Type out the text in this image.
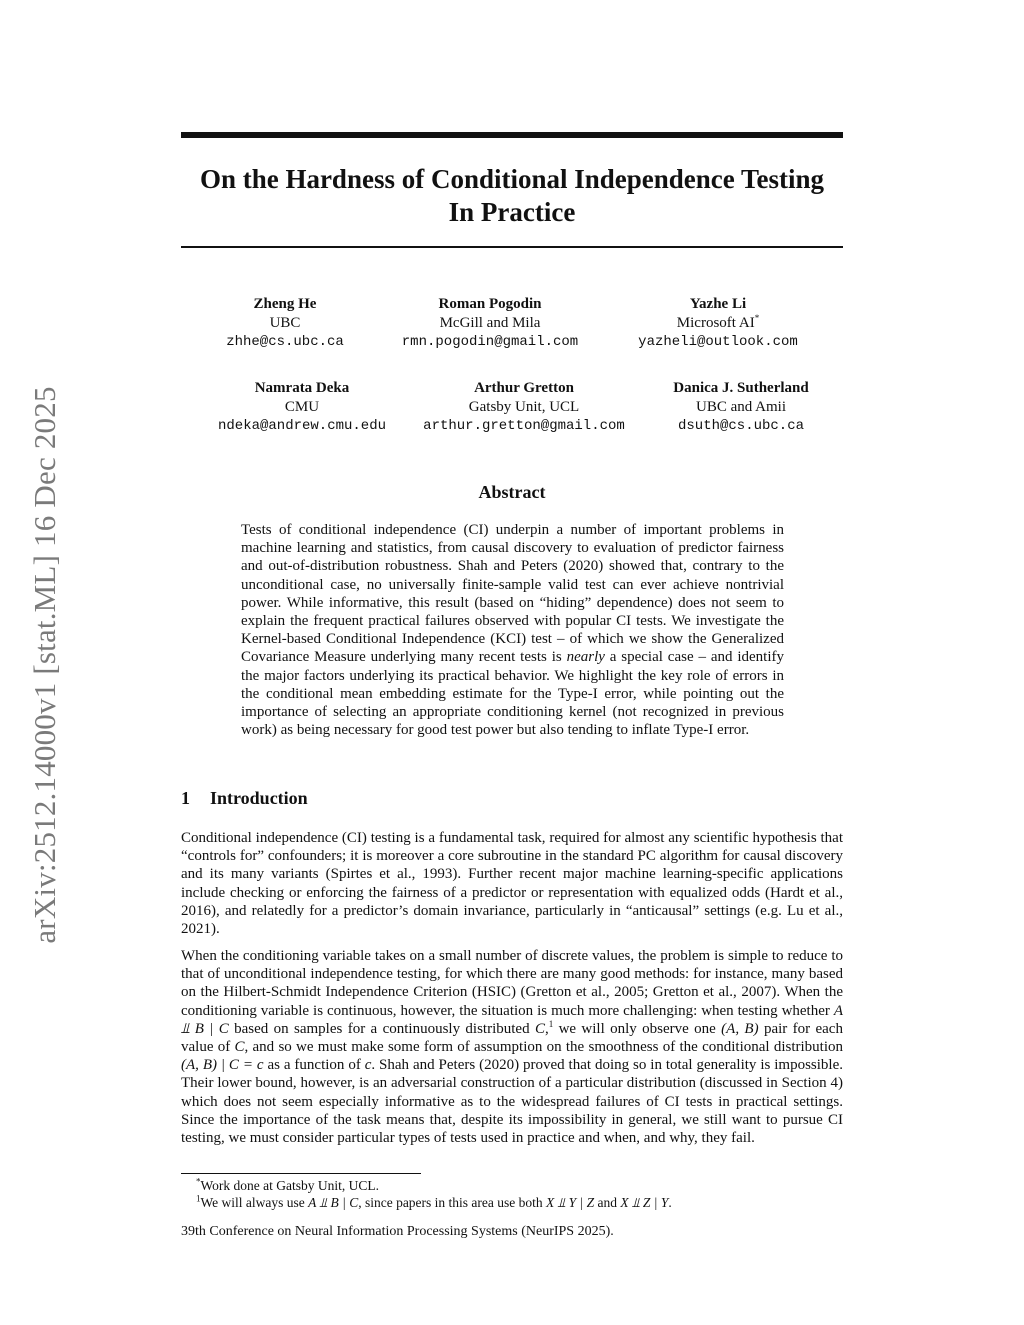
arXiv:2512.14000v1 [stat.ML] 16 Dec 2025
On the Hardness of Conditional Independence Testing
In Practice
Zheng He
UBC
zhhe@cs.ubc.ca
Roman Pogodin
McGill and Mila
rmn.pogodin@gmail.com
Yazhe Li
Microsoft AI*
yazheli@outlook.com
Namrata Deka
CMU
ndeka@andrew.cmu.edu
Arthur Gretton
Gatsby Unit, UCL
arthur.gretton@gmail.com
Danica J. Sutherland
UBC and Amii
dsuth@cs.ubc.ca
Abstract
Tests of conditional independence (CI) underpin a number of important problems in machine learning and statistics, from causal discovery to evaluation of predictor fairness and out-of-distribution robustness. Shah and Peters (2020) showed that, contrary to the unconditional case, no universally finite-sample valid test can ever achieve nontrivial power. While informative, this result (based on “hiding” dependence) does not seem to explain the frequent practical failures observed with popular CI tests. We investigate the Kernel-based Conditional Independence (KCI) test – of which we show the Generalized Covariance Measure underlying many recent tests is nearly a special case – and identify the major factors underlying its practical behavior. We highlight the key role of errors in the conditional mean embedding estimate for the Type-I error, while pointing out the importance of selecting an appropriate conditioning kernel (not recognized in previous work) as being necessary for good test power but also tending to inflate Type-I error.
1 Introduction

Conditional independence (CI) testing is a fundamental task, required for almost any scientific hypothesis that “controls for” confounders; it is moreover a core subroutine in the standard PC algorithm for causal discovery and its many variants (Spirtes et al., 1993). Further recent major machine learning-specific applications include checking or enforcing the fairness of a predictor or representation with equalized odds (Hardt et al., 2016), and relatedly for a predictor’s domain invariance, particularly in “anticausal” settings (e.g. Lu et al., 2021).

When the conditioning variable takes on a small number of discrete values, the problem is simple to reduce to that of unconditional independence testing, for which there are many good methods: for instance, many based on the Hilbert-Schmidt Independence Criterion (HSIC) (Gretton et al., 2005; Gretton et al., 2007). When the conditioning variable is continuous, however, the situation is much more challenging: when testing whether A ⫫ B | C based on samples for a continuously distributed C,$^1$ we will only observe one (A, B) pair for each value of C, and so we must make some form of assumption on the smoothness of the conditional distribution (A, B) | C = c as a function of c. Shah and Peters (2020) proved that doing so in total generality is impossible. Their lower bound, however, is an adversarial construction of a particular distribution (discussed in Section 4) which does not seem especially informative as to the widespread failures of CI tests in practical settings. Since the importance of the task means that, despite its impossibility in general, we still want to pursue CI testing, we must consider particular types of tests used in practice and when, and why, they fail.

*Work done at Gatsby Unit, UCL.
$^1$We will always use A ⫫ B | C, since papers in this area use both X ⫫ Y | Z and X ⫫ Z | Y.
39th Conference on Neural Information Processing Systems (NeurIPS 2025).
